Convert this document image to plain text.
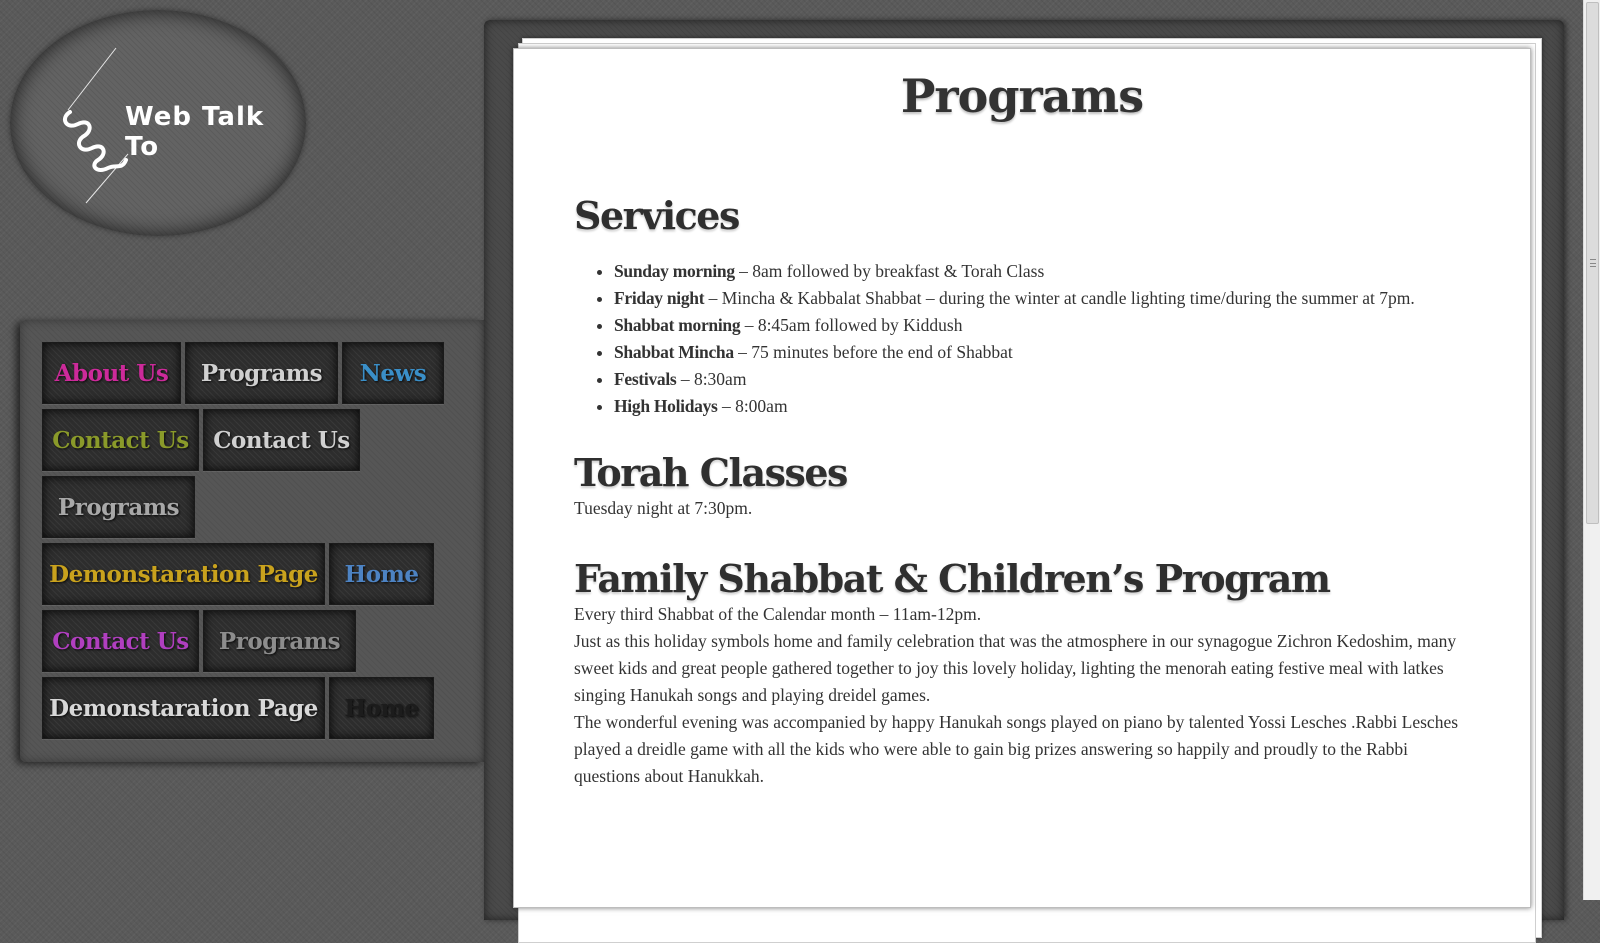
Web Talk To
About Us	Programs	News
Contact Us	Contact Us
Programs
Demonstaration Page	Home
Contact Us	Programs
Demonstaration Page	Home
Programs
Services
• Sunday morning – 8am followed by breakfast & Torah Class
• Friday night – Mincha & Kabbalat Shabbat – during the winter at candle lighting time/during the summer at 7pm.
• Shabbat morning – 8:45am followed by Kiddush
• Shabbat Mincha – 75 minutes before the end of Shabbat
• Festivals – 8:30am
• High Holidays – 8:00am
Torah Classes

Tuesday night at 7:30pm.

Family Shabbat & Children’s Program

Every third Shabbat of the Calendar month – 11am-12pm.

Just as this holiday symbols home and family celebration that was the atmosphere in our synagogue Zichron Kedoshim, many sweet kids and great people gathered together to joy this lovely holiday, lighting the menorah eating festive meal with latkes singing Hanukah songs and playing dreidel games.

The wonderful evening was accompanied by happy Hanukah songs played on piano by talented Yossi Lesches .Rabbi Lesches played a dreidle game with all the kids who were able to gain big prizes answering so happily and proudly to the Rabbi questions about Hanukkah.
